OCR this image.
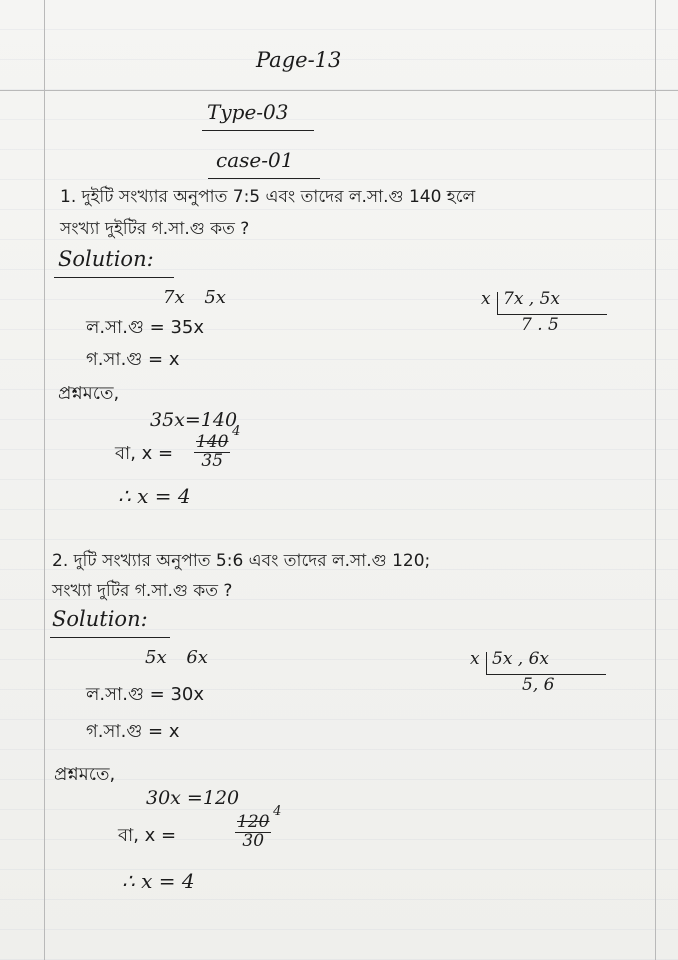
Page-13
Type-03
case-01
1. দুইটি সংখ্যার অনুপাত 7:5 এবং তাদের ল.সা.গু 140 হলে
সংখ্যা দুইটির গ.সা.গু কত ?
Solution:
7x 5x
ল.সা.গু = 35x
গ.সা.গু = x
প্রশ্নমতে,
35x=140
বা, x = 140
4
35
∴ x = 4
x 7x , 5x
7 . 5
2. দুটি সংখ্যার অনুপাত 5:6 এবং তাদের ল.সা.গু 120;
সংখ্যা দুটির গ.সা.গু কত ?
Solution:
5x 6x
ল.সা.গু = 30x
গ.সা.গু = x
প্রশ্নমতে,
30x =120
বা, x =	120
4
30
∴ x = 4
x 5x , 6x
5, 6
